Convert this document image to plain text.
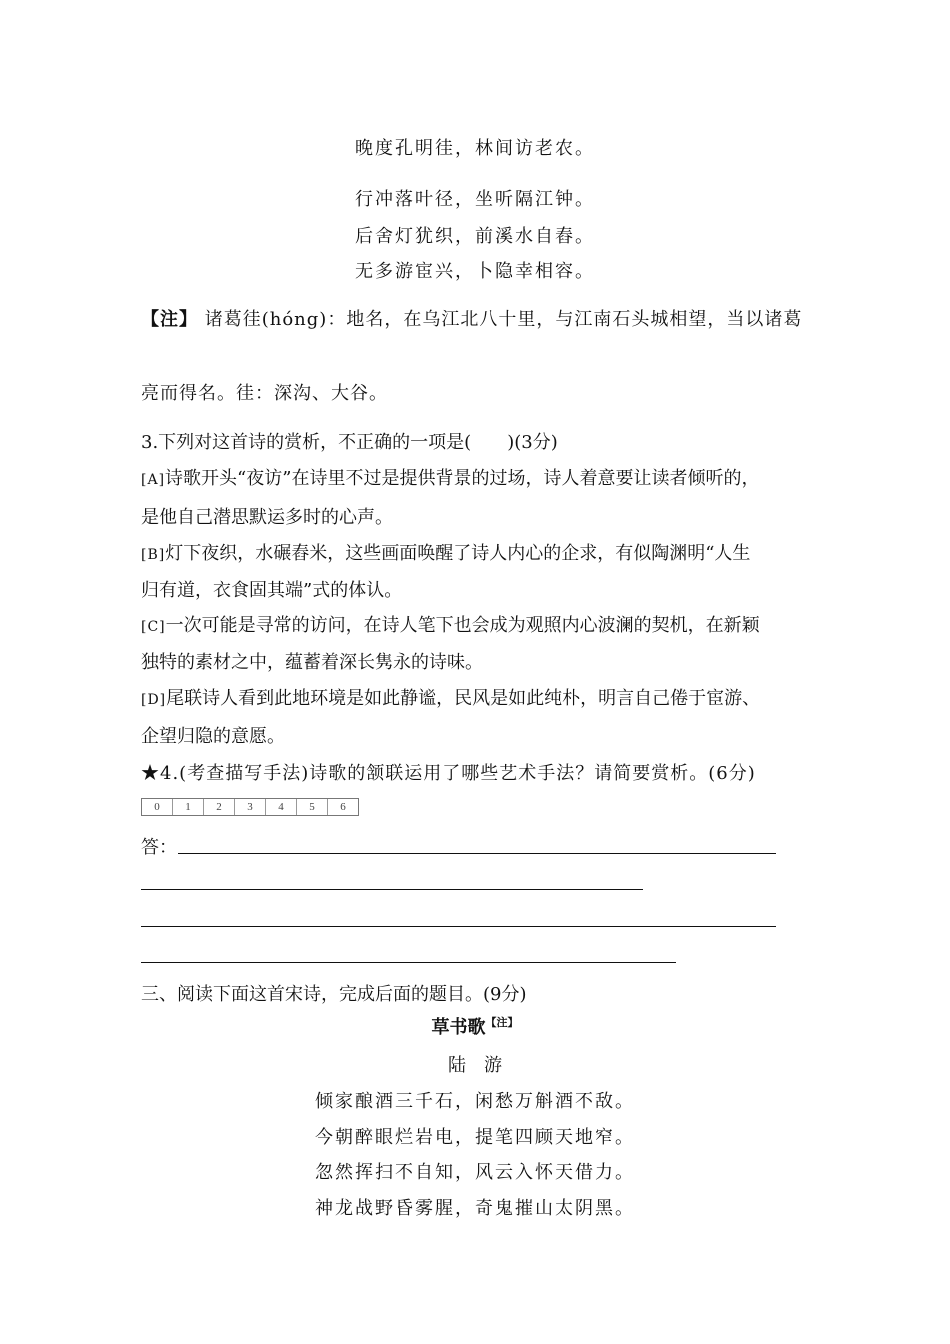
晚度孔明徍，林间访老农。
行冲落叶径，坐听隔江钟。
后舍灯犹织，前溪水自舂。
无多游宦兴，卜隐幸相容。
【注】 诸葛徍(hóng)：地名，在乌江北八十里，与江南石头城相望，当以诸葛
亮而得名。徍：深沟、大谷。
3.下列对这首诗的赏析，不正确的一项是(　　)(3分)
[A]诗歌开头“夜访”在诗里不过是提供背景的过场，诗人着意要让读者倾听的，
是他自己潜思默运多时的心声。
[B]灯下夜织，水碾舂米，这些画面唤醒了诗人内心的企求，有似陶渊明“人生
归有道，衣食固其端”式的体认。
[C]一次可能是寻常的访问，在诗人笔下也会成为观照内心波澜的契机，在新颖
独特的素材之中，蕴蓄着深长隽永的诗味。
[D]尾联诗人看到此地环境是如此静谧，民风是如此纯朴，明言自己倦于宦游、
企望归隐的意愿。
★4.(考查描写手法)诗歌的颔联运用了哪些艺术手法？请简要赏析。(6分)
0	1	2	3	4	5	6
答：
三、阅读下面这首宋诗，完成后面的题目。(9分)
草书歌$^{【注】}$
陆　游
倾家酿酒三千石，闲愁万斛酒不敌。
今朝醉眼烂岩电，提笔四顾天地窄。
忽然挥扫不自知，风云入怀天借力。
神龙战野昏雾腥，奇鬼摧山太阴黑。
